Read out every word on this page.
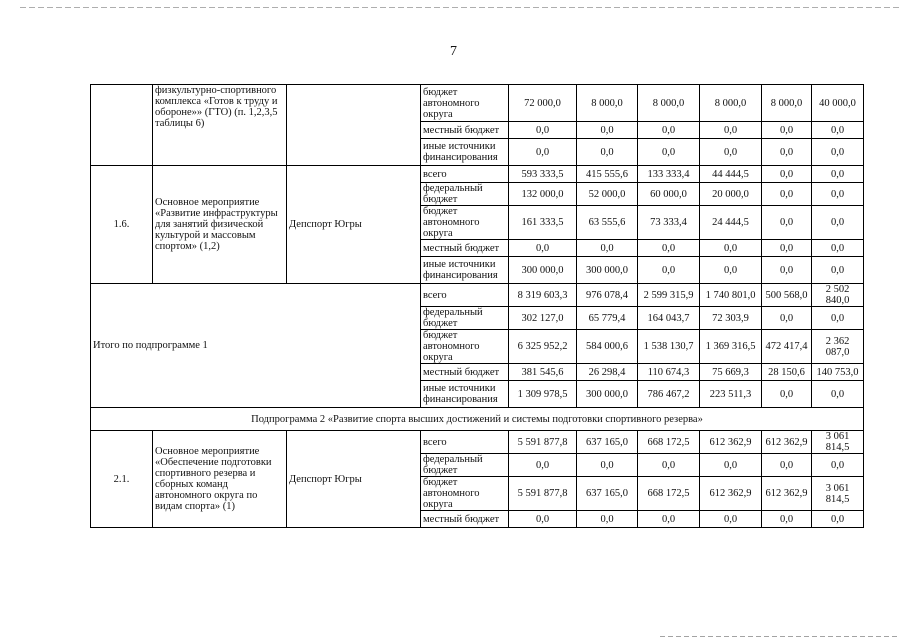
7
	физкультурно-спортивного комплекса «Готов к труду и обороне»» (ГТО) (п. 1,2,3,5 таблицы 6)		бюджет автономного округа	72 000,0	8 000,0	8 000,0	8 000,0	8 000,0	40 000,0
			местный бюджет	0,0	0,0	0,0	0,0	0,0	0,0
			иные источники финансирования	0,0	0,0	0,0	0,0	0,0	0,0
1.6.	Основное мероприятие «Развитие инфраструктуры для занятий физической культурой и массовым спортом» (1,2)	Депспорт Югры	всего	593 333,5	415 555,6	133 333,4	44 444,5	0,0	0,0
			федеральный бюджет	132 000,0	52 000,0	60 000,0	20 000,0	0,0	0,0
			бюджет автономного округа	161 333,5	63 555,6	73 333,4	24 444,5	0,0	0,0
			местный бюджет	0,0	0,0	0,0	0,0	0,0	0,0
			иные источники финансирования	300 000,0	300 000,0	0,0	0,0	0,0	0,0
Итого по подпрограмме 1			всего	8 319 603,3	976 078,4	2 599 315,9	1 740 801,0	500 568,0	2 502 840,0
			федеральный бюджет	302 127,0	65 779,4	164 043,7	72 303,9	0,0	0,0
			бюджет автономного округа	6 325 952,2	584 000,6	1 538 130,7	1 369 316,5	472 417,4	2 362 087,0
			местный бюджет	381 545,6	26 298,4	110 674,3	75 669,3	28 150,6	140 753,0
			иные источники финансирования	1 309 978,5	300 000,0	786 467,2	223 511,3	0,0	0,0
Подпрограмма 2 «Развитие спорта высших достижений и системы подготовки спортивного резерва»									
2.1.	Основное мероприятие «Обеспечение подготовки спортивного резерва и сборных команд автономного округа по видам спорта» (1)	Депспорт Югры	всего	5 591 877,8	637 165,0	668 172,5	612 362,9	612 362,9	3 061 814,5
			федеральный бюджет	0,0	0,0	0,0	0,0	0,0	0,0
			бюджет автономного округа	5 591 877,8	637 165,0	668 172,5	612 362,9	612 362,9	3 061 814,5
			местный бюджет	0,0	0,0	0,0	0,0	0,0	0,0
